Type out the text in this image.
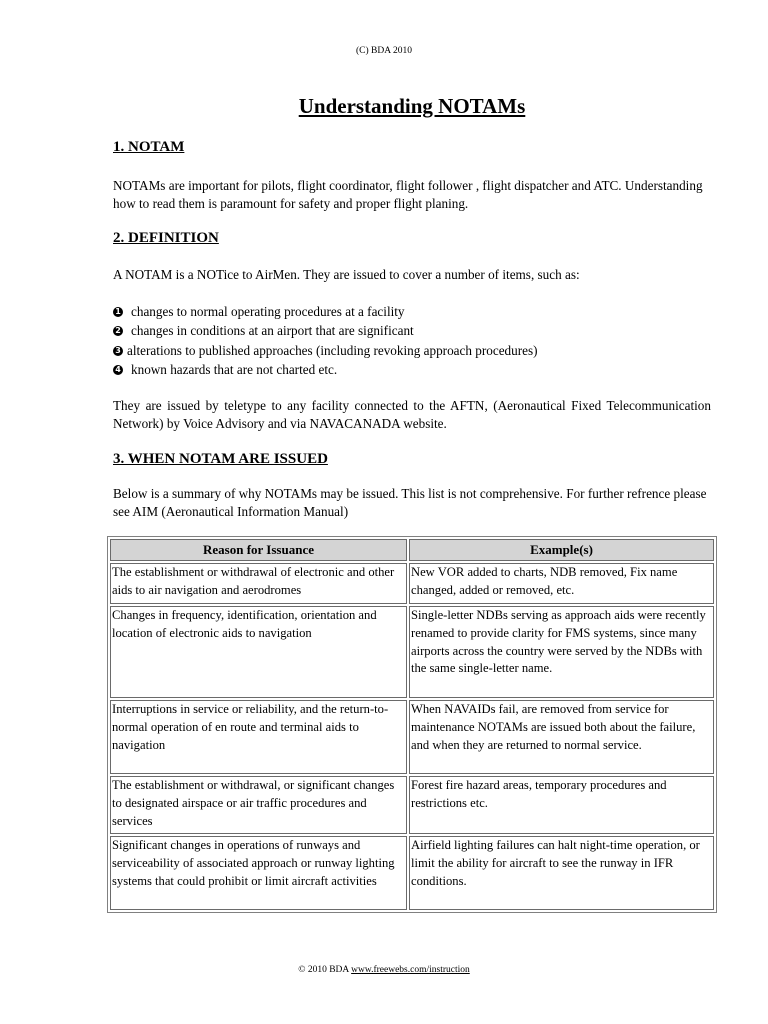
(C) BDA 2010
Understanding NOTAMs
1. NOTAM
NOTAMs are important for pilots, flight coordinator, flight follower , flight dispatcher and ATC. Understanding how to read them is paramount for safety and proper flight planing.
2. DEFINITION
A NOTAM is a NOTice to AirMen. They are issued to cover a number of items, such as:
1 changes to normal operating procedures at a facility
2 changes in conditions at an airport that are significant
3 alterations to published approaches (including revoking approach procedures)
4 known hazards that are not charted etc.
They are issued by teletype to any facility connected to the AFTN, (Aeronautical Fixed Telecommunication Network) by Voice Advisory and via NAVACANADA website.
3. WHEN NOTAM ARE ISSUED
Below is a summary of why NOTAMs may be issued. This list is not comprehensive. For further refrence please see AIM (Aeronautical Information Manual)
Reason for Issuance	Example(s)
The establishment or withdrawal of electronic and other aids to air navigation and aerodromes	New VOR added to charts, NDB removed, Fix name changed, added or removed, etc.
Changes in frequency, identification, orientation and location of electronic aids to navigation	Single-letter NDBs serving as approach aids were recently renamed to provide clarity for FMS systems, since many airports across the country were served by the NDBs with the same single-letter name.
Interruptions in service or reliability, and the return-to-normal operation of en route and terminal aids to navigation	When NAVAIDs fail, are removed from service for maintenance NOTAMs are issued both about the failure, and when they are returned to normal service.
The establishment or withdrawal, or significant changes to designated airspace or air traffic procedures and services	Forest fire hazard areas, temporary procedures and restrictions etc.
Significant changes in operations of runways and serviceability of associated approach or runway lighting systems that could prohibit or limit aircraft activities	Airfield lighting failures can halt night-time operation, or limit the ability for aircraft to see the runway in IFR conditions.
© 2010 BDA www.freewebs.com/instruction
